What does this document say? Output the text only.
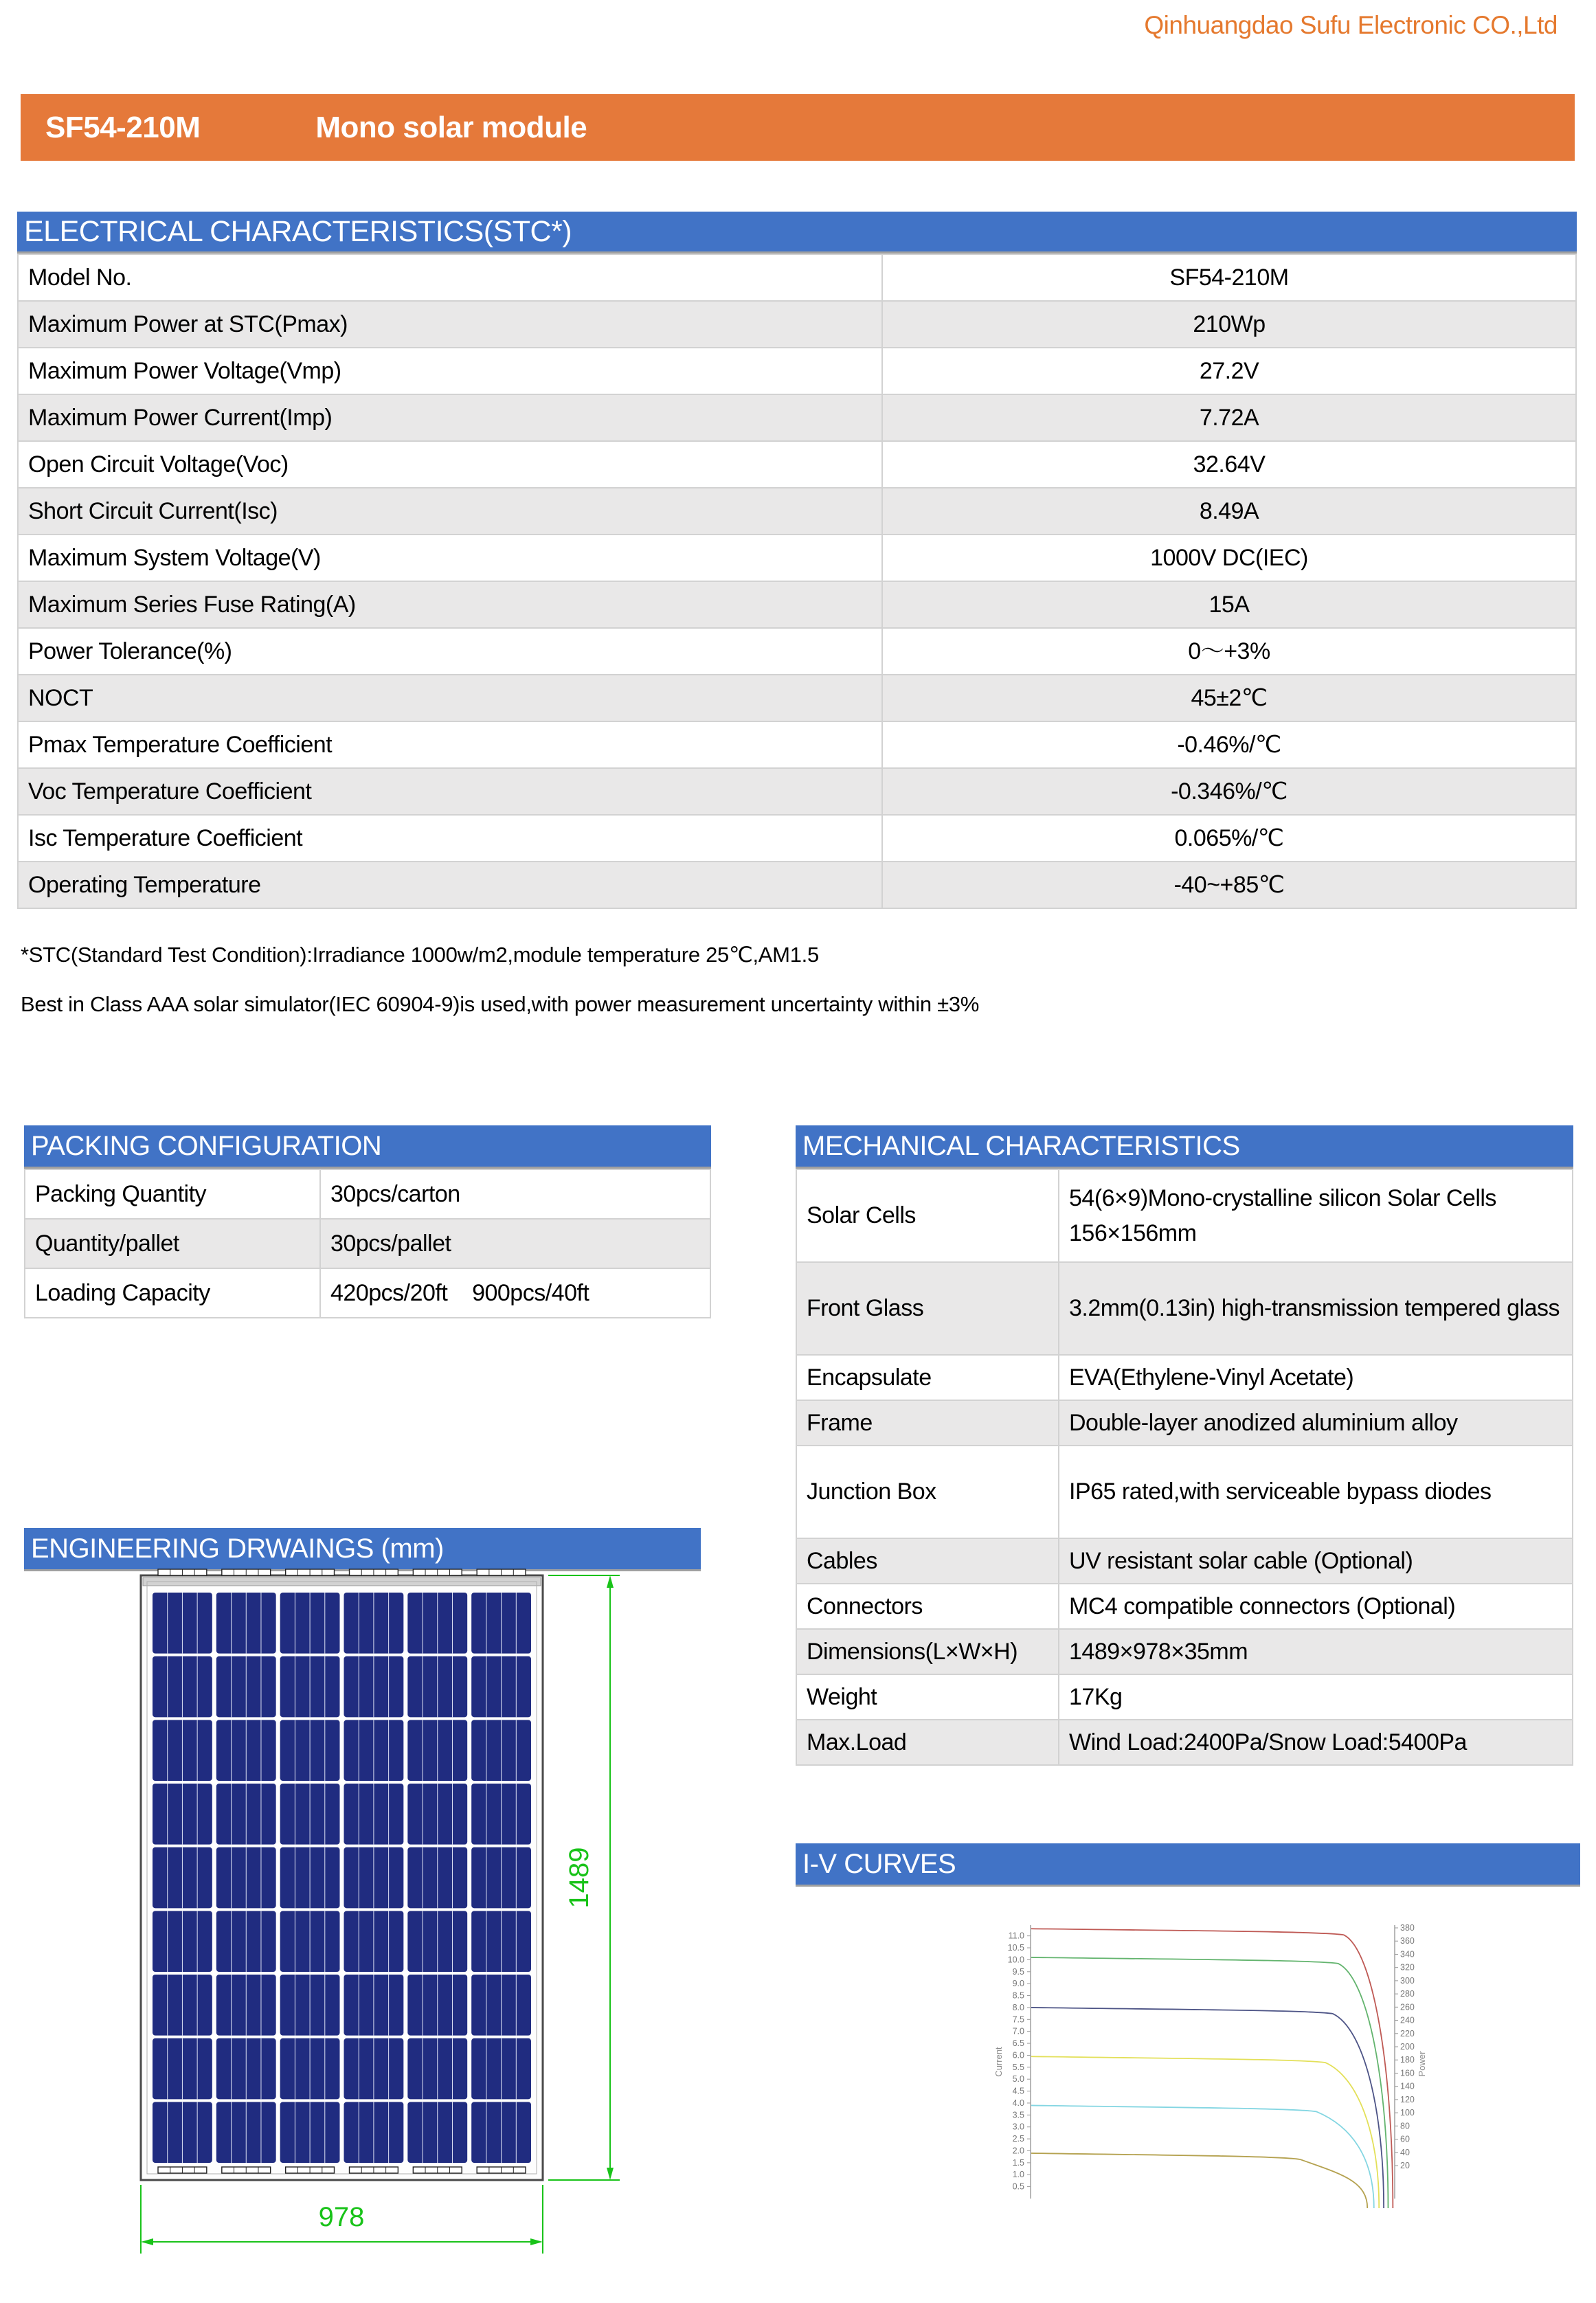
Qinhuangdao Sufu Electronic CO.,Ltd
SF54-210M	Mono solar module
ELECTRICAL CHARACTERISTICS(STC*)
Model No.	SF54-210M
Maximum Power at STC(Pmax)	210Wp
Maximum Power Voltage(Vmp)	27.2V
Maximum Power Current(Imp)	7.72A
Open Circuit Voltage(Voc)	32.64V
Short Circuit Current(Isc)	8.49A
Maximum System Voltage(V)	1000V DC(IEC)
Maximum Series Fuse Rating(A)	15A
Power Tolerance(%)	0～+3%
NOCT	45±2℃
Pmax Temperature Coefficient	-0.46%/℃
Voc Temperature Coefficient	-0.346%/℃
Isc Temperature Coefficient	0.065%/℃
Operating Temperature	-40~+85℃
*STC(Standard Test Condition):Irradiance 1000w/m2,module temperature 25℃,AM1.5
Best in Class AAA solar simulator(IEC 60904-9)is used,with power measurement uncertainty within ±3%
PACKING CONFIGURATION
Packing Quantity	30pcs/carton
Quantity/pallet	30pcs/pallet
Loading Capacity	420pcs/20ft    900pcs/40ft
MECHANICAL CHARACTERISTICS
Solar Cells	54(6×9)Mono-crystalline silicon Solar Cells 156×156mm
Front Glass	3.2mm(0.13in) high-transmission tempered glass
Encapsulate	EVA(Ethylene-Vinyl Acetate)
Frame	Double-layer anodized aluminium alloy
Junction Box	IP65 rated,with serviceable bypass diodes
Cables	UV resistant solar cable (Optional)
Connectors	MC4 compatible connectors (Optional)
Dimensions(L×W×H)	1489×978×35mm
Weight	17Kg
Max.Load	Wind Load:2400Pa/Snow Load:5400Pa
ENGINEERING DRWAINGS (mm)
1489
978
I-V CURVES
11.0
10.5
10.0
9.5
9.0
8.5
8.0
7.5
7.0
6.5
6.0
5.5
5.0
4.5
4.0
3.5
3.0
2.5
2.0
1.5
1.0
0.5
380
360
340
320
300
280
260
240
220
200
180
160
140
120
100
80
60
40
20
Current	Power
